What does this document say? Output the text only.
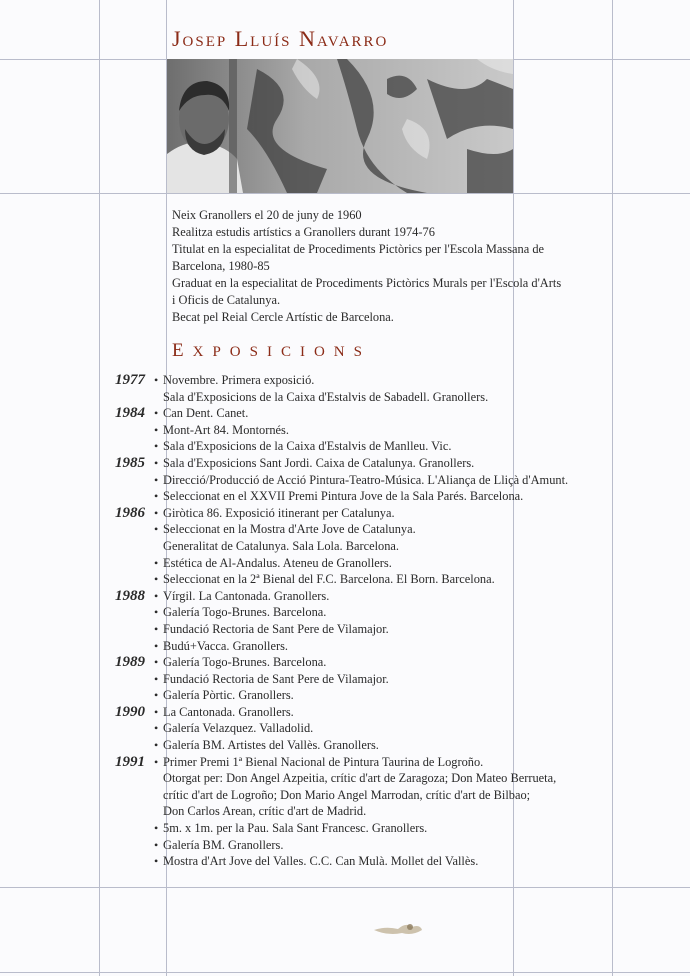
Josep Lluís Navarro

Neix Granollers el 20 de juny de 1960

Realitza estudis artístics a Granollers durant 1974-76

Titulat en la especialitat de Procediments Pictòrics per l'Escola Massana de

Barcelona, 1980-85

Graduat en la especialitat de Procediments Pictòrics Murals per l'Escola d'Arts

i Oficis de Catalunya.

Becat pel Reial Cercle Artístic de Barcelona.

EXPOSICIONS
1977 • Novembre. Primera exposició.
Sala d'Exposicions de la Caixa d'Estalvis de Sabadell. Granollers.
1984 • Can Dent. Canet.
• Mont-Art 84. Montornés.
• Sala d'Exposicions de la Caixa d'Estalvis de Manlleu. Vic.
1985 • Sala d'Exposicions Sant Jordi. Caixa de Catalunya. Granollers.
• Direcció/Producció de Acció Pintura-Teatro-Música. L'Aliança de Lliçà d'Amunt.
• Seleccionat en el XXVII Premi Pintura Jove de la Sala Parés. Barcelona.
1986 • Giròtica 86. Exposició itinerant per Catalunya.
• Seleccionat en la Mostra d'Arte Jove de Catalunya.
Generalitat de Catalunya. Sala Lola. Barcelona.
• Estética de Al-Andalus. Ateneu de Granollers.
• Seleccionat en la 2ª Bienal del F.C. Barcelona. El Born. Barcelona.
1988 • Vírgil. La Cantonada. Granollers.
• Galería Togo-Brunes. Barcelona.
• Fundació Rectoria de Sant Pere de Vilamajor.
• Budú+Vacca. Granollers.
1989 • Galería Togo-Brunes. Barcelona.
• Fundació Rectoria de Sant Pere de Vilamajor.
• Galería Pòrtic. Granollers.
1990 • La Cantonada. Granollers.
• Galería Velazquez. Valladolid.
• Galería BM. Artistes del Vallès. Granollers.
1991 • Primer Premi 1ª Bienal Nacional de Pintura Taurina de Logroño.
Otorgat per: Don Angel Azpeitia, crític d'art de Zaragoza; Don Mateo Berrueta,
crític d'art de Logroño; Don Mario Angel Marrodan, crític d'art de Bilbao;
Don Carlos Arean, crític d'art de Madrid.
• 5m. x 1m. per la Pau. Sala Sant Francesc. Granollers.
• Galería BM. Granollers.
• Mostra d'Art Jove del Valles. C.C. Can Mulà. Mollet del Vallès.
